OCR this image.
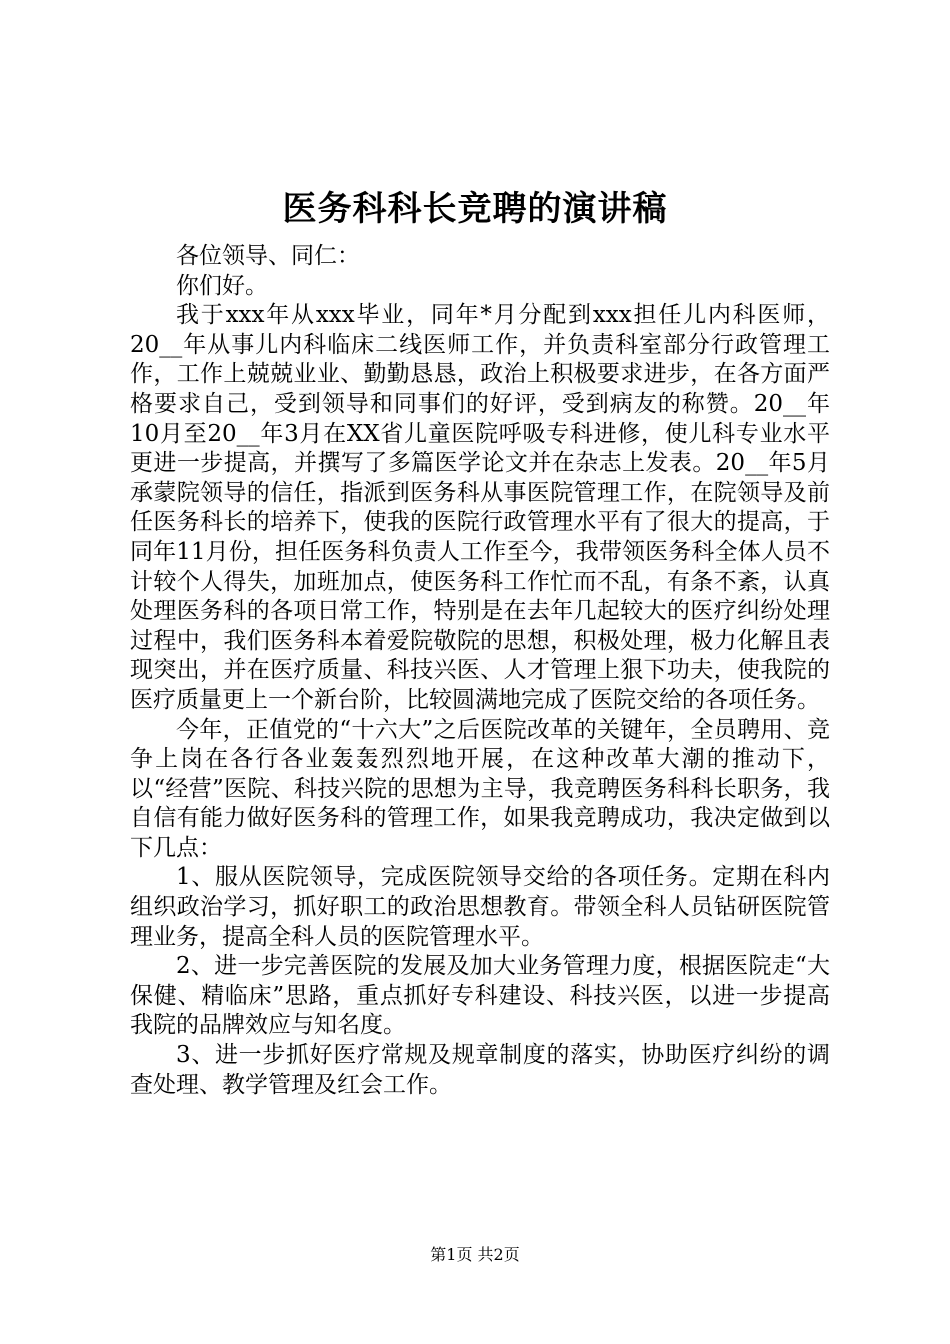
医务科科长竞聘的演讲稿

各位领导、同仁：

你们好。

我于xxx年从xxx毕业，同年*月分配到xxx担任儿内科医师，20__年从事儿内科临床二线医师工作，并负责科室部分行政管理工作，工作上兢兢业业、勤勤恳恳，政治上积极要求进步，在各方面严格要求自己，受到领导和同事们的好评，受到病友的称赞。20__年10月至20__年3月在XX省儿童医院呼吸专科进修，使儿科专业水平更进一步提高，并撰写了多篇医学论文并在杂志上发表。20__年5月承蒙院领导的信任，指派到医务科从事医院管理工作，在院领导及前任医务科长的培养下，使我的医院行政管理水平有了很大的提高，于同年11月份，担任医务科负责人工作至今，我带领医务科全体人员不计较个人得失，加班加点，使医务科工作忙而不乱，有条不紊，认真处理医务科的各项日常工作，特别是在去年几起较大的医疗纠纷处理过程中，我们医务科本着爱院敬院的思想，积极处理，极力化解且表现突出，并在医疗质量、科技兴医、人才管理上狠下功夫，使我院的医疗质量更上一个新台阶，比较圆满地完成了医院交给的各项任务。

今年，正值党的“十六大”之后医院改革的关键年，全员聘用、竞争上岗在各行各业轰轰烈烈地开展，在这种改革大潮的推动下，以“经营”医院、科技兴院的思想为主导，我竞聘医务科科长职务，我自信有能力做好医务科的管理工作，如果我竞聘成功，我决定做到以下几点：

1、服从医院领导，完成医院领导交给的各项任务。定期在科内组织政治学习，抓好职工的政治思想教育。带领全科人员钻研医院管理业务，提高全科人员的医院管理水平。

2、进一步完善医院的发展及加大业务管理力度，根据医院走“大保健、精临床”思路，重点抓好专科建设、科技兴医，以进一步提高我院的品牌效应与知名度。

3、进一步抓好医疗常规及规章制度的落实，协助医疗纠纷的调查处理、教学管理及红会工作。

第1页 共2页
